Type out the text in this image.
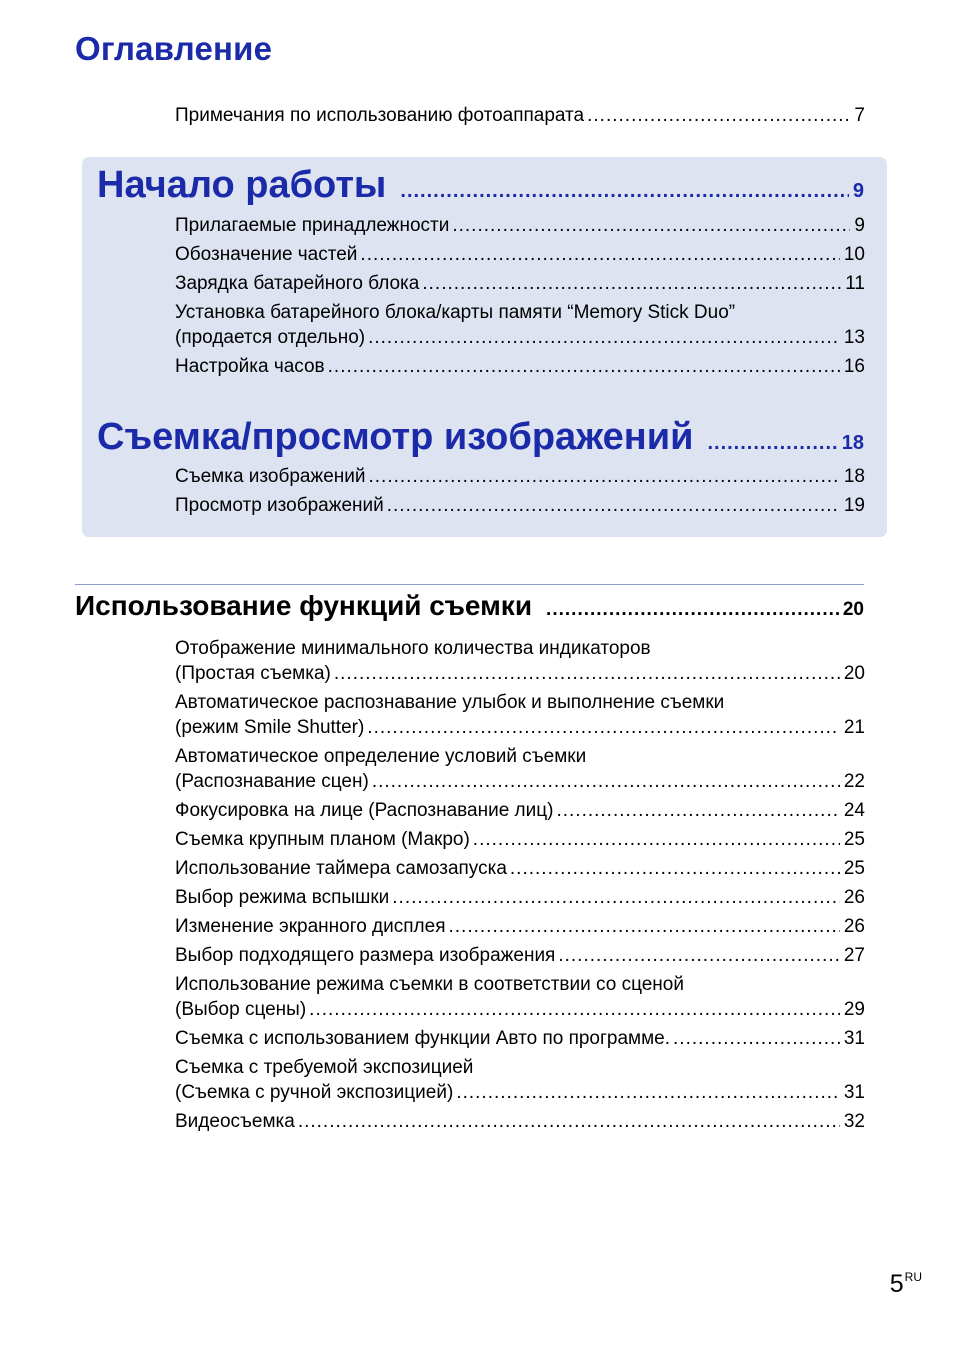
Оглавление
Примечания по использованию фотоаппарата .....	7
Начало работы .....	9
Прилагаемые принадлежности .....	9
Обозначение частей .....	10
Зарядка батарейного блока .....	11
Установка батарейного блока/карты памяти “Memory Stick Duo”
(продается отдельно) .....	13
Настройка часов .....	16
Съемка/просмотр изображений .....	18
Съемка изображений .....	18
Просмотр изображений .....	19
Использование функций съемки .....	20
Отображение минимального количества индикаторов
(Простая съемка) .....	20
Автоматическое распознавание улыбок и выполнение съемки
(режим Smile Shutter) .....	21
Автоматическое определение условий съемки
(Распознавание сцен) .....	22
Фокусировка на лице (Распознавание лиц) .....	24
Съемка крупным планом (Макро) .....	25
Использование таймера самозапуска .....	25
Выбор режима вспышки .....	26
Изменение экранного дисплея .....	26
Выбор подходящего размера изображения .....	27
Использование режима съемки в соответствии со сценой
(Выбор сцены) .....	29
Съемка с использованием функции Авто по программе. .....	31
Съемка с требуемой экспозицией
(Съемка с ручной экспозицией) .....	31
Видеосъемка .....	32
$5^{RU}$
